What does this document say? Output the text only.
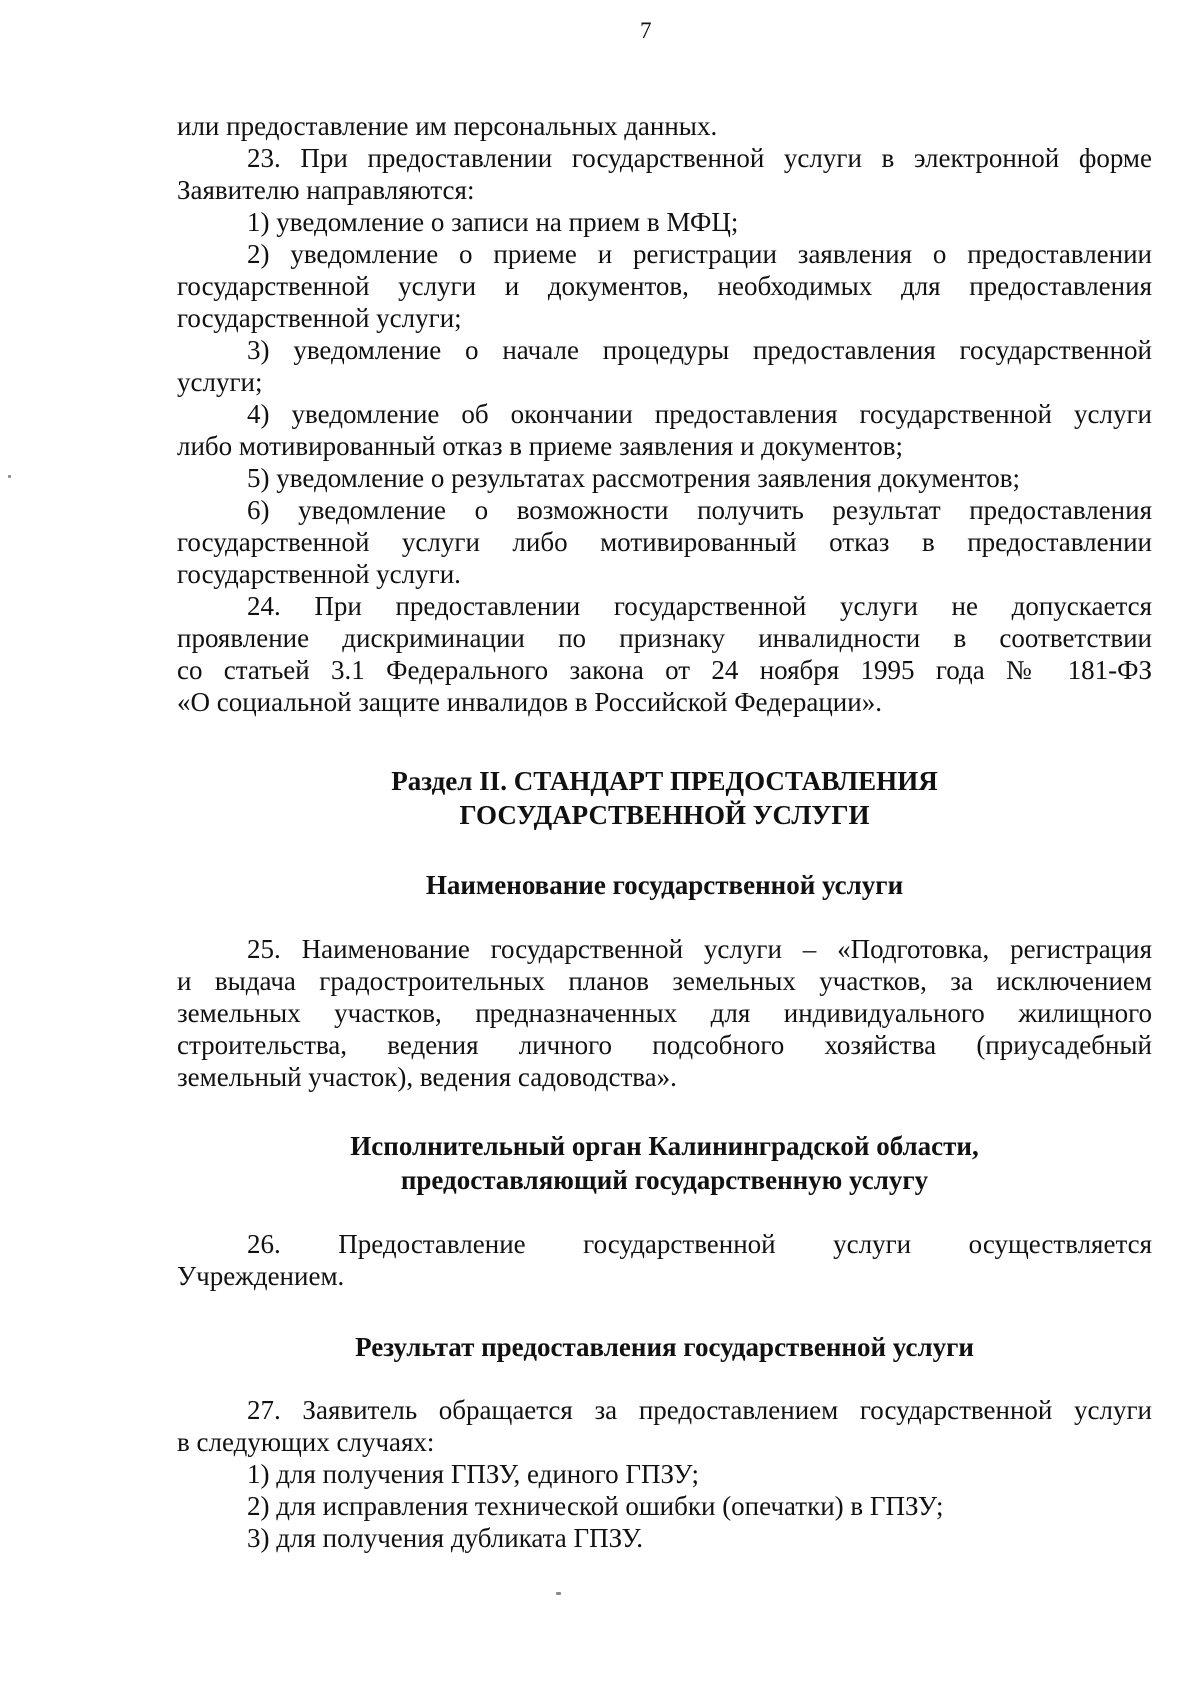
7
или предоставление им персональных данных.
23. При предоставлении государственной услуги в электронной форме
Заявителю направляются:
1) уведомление о записи на прием в МФЦ;
2) уведомление о приеме и регистрации заявления о предоставлении
государственной услуги и документов, необходимых для предоставления
государственной услуги;
3) уведомление о начале процедуры предоставления государственной
услуги;
4) уведомление об окончании предоставления государственной услуги
либо мотивированный отказ в приеме заявления и документов;
5) уведомление о результатах рассмотрения заявления документов;
6) уведомление о возможности получить результат предоставления
государственной услуги либо мотивированный отказ в предоставлении
государственной услуги.
24. При предоставлении государственной услуги не допускается
проявление дискриминации по признаку инвалидности в соответствии
со статьей 3.1 Федерального закона от 24 ноября 1995 года № 181-ФЗ
«О социальной защите инвалидов в Российской Федерации».
Раздел II. СТАНДАРТ ПРЕДОСТАВЛЕНИЯ
ГОСУДАРСТВЕННОЙ УСЛУГИ
Наименование государственной услуги
25. Наименование государственной услуги – «Подготовка, регистрация
и выдача градостроительных планов земельных участков, за исключением
земельных участков, предназначенных для индивидуального жилищного
строительства, ведения личного подсобного хозяйства (приусадебный
земельный участок), ведения садоводства».
Исполнительный орган Калининградской области,
предоставляющий государственную услугу
26. Предоставление государственной услуги осуществляется
Учреждением.
Результат предоставления государственной услуги
27. Заявитель обращается за предоставлением государственной услуги
в следующих случаях:
1) для получения ГПЗУ, единого ГПЗУ;
2) для исправления технической ошибки (опечатки) в ГПЗУ;
3) для получения дубликата ГПЗУ.
